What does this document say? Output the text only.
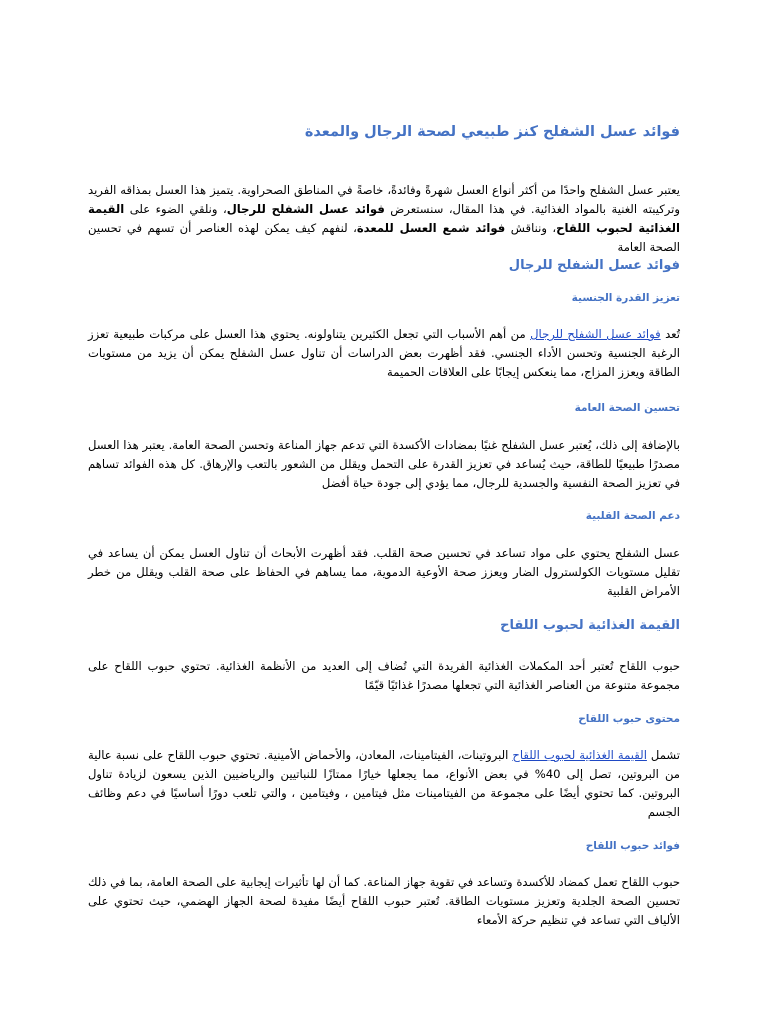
فوائد عسل الشفلح كنز طبيعي لصحة الرجال والمعدة

يعتبر عسل الشفلح واحدًا من أكثر أنواع العسل شهرةً وفائدةً، خاصةً في المناطق الصحراوية. يتميز هذا العسل بمذاقه الفريد وتركيبته الغنية بالمواد الغذائية. في هذا المقال، سنستعرض فوائد عسل الشفلح للرجال، ونلقي الضوء على القيمة الغذائية لحبوب اللقاح، ونناقش فوائد شمع العسل للمعدة، لنفهم كيف يمكن لهذه العناصر أن تسهم في تحسين الصحة العامة

فوائد عسل الشفلح للرجال
تعزيز القدرة الجنسية

تُعد فوائد عسل الشفلح للرجال من أهم الأسباب التي تجعل الكثيرين يتناولونه. يحتوي هذا العسل على مركبات طبيعية تعزز الرغبة الجنسية وتحسن الأداء الجنسي. فقد أظهرت بعض الدراسات أن تناول عسل الشفلح يمكن أن يزيد من مستويات الطاقة ويعزز المزاج، مما ينعكس إيجابًا على العلاقات الحميمة

تحسين الصحة العامة

بالإضافة إلى ذلك، يُعتبر عسل الشفلح غنيًا بمضادات الأكسدة التي تدعم جهاز المناعة وتحسن الصحة العامة. يعتبر هذا العسل مصدرًا طبيعيًا للطاقة، حيث يُساعد في تعزيز القدرة على التحمل ويقلل من الشعور بالتعب والإرهاق. كل هذه الفوائد تساهم في تعزيز الصحة النفسية والجسدية للرجال، مما يؤدي إلى جودة حياة أفضل

دعم الصحة القلبية

عسل الشفلح يحتوي على مواد تساعد في تحسين صحة القلب. فقد أظهرت الأبحاث أن تناول العسل يمكن أن يساعد في تقليل مستويات الكولسترول الضار ويعزز صحة الأوعية الدموية، مما يساهم في الحفاظ على صحة القلب ويقلل من خطر الأمراض القلبية

القيمة الغذائية لحبوب اللقاح

حبوب اللقاح تُعتبر أحد المكملات الغذائية الفريدة التي تُضاف إلى العديد من الأنظمة الغذائية. تحتوي حبوب اللقاح على مجموعة متنوعة من العناصر الغذائية التي تجعلها مصدرًا غذائيًا قيّمًا

محتوى حبوب اللقاح

تشمل القيمة الغذائية لحبوب اللقاح البروتينات، الفيتامينات، المعادن، والأحماض الأمينية. تحتوي حبوب اللقاح على نسبة عالية من البروتين، تصل إلى 40% في بعض الأنواع، مما يجعلها خيارًا ممتازًا للنباتيين والرياضيين الذين يسعون لزيادة تناول البروتين. كما تحتوي أيضًا على مجموعة من الفيتامينات مثل فيتامين ، وفيتامين ، والتي تلعب دورًا أساسيًا في دعم وظائف الجسم

فوائد حبوب اللقاح

حبوب اللقاح تعمل كمضاد للأكسدة وتساعد في تقوية جهاز المناعة. كما أن لها تأثيرات إيجابية على الصحة العامة، بما في ذلك تحسين الصحة الجلدية وتعزيز مستويات الطاقة. تُعتبر حبوب اللقاح أيضًا مفيدة لصحة الجهاز الهضمي، حيث تحتوي على الألياف التي تساعد في تنظيم حركة الأمعاء
